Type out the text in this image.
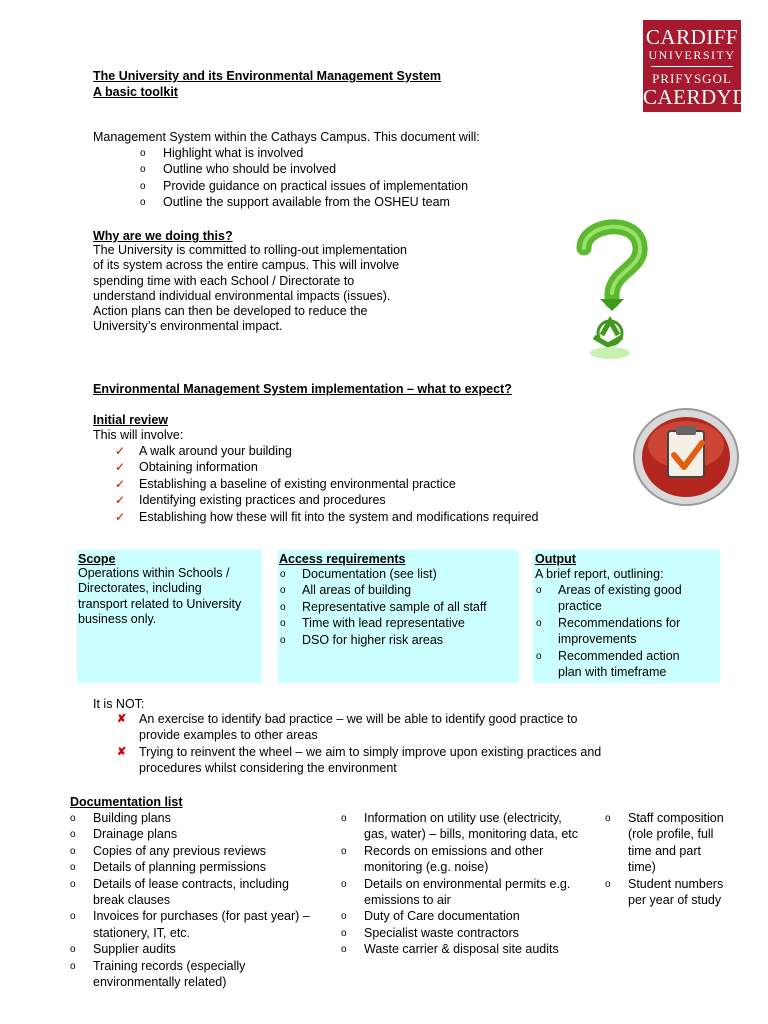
CARDIFF
UNIVERSITY
PRIFYSGOL
CAERDYDD
The University and its Environmental Management System
A basic toolkit
Management System within the Cathays Campus. This document will:
o Highlight what is involved
o Outline who should be involved
o Provide guidance on practical issues of implementation
o Outline the support available from the OSHEU team
Why are we doing this?
The University is committed to rolling-out implementation
of its system across the entire campus. This will involve
spending time with each School / Directorate to
understand individual environmental impacts (issues).
Action plans can then be developed to reduce the
University’s environmental impact.
Environmental Management System implementation – what to expect?
Initial review
This will involve:
✓ A walk around your building
✓ Obtaining information
✓ Establishing a baseline of existing environmental practice
✓ Identifying existing practices and procedures
✓ Establishing how these will fit into the system and modifications required
Scope
Operations within Schools /
Directorates, including
transport related to University
business only.
Access requirements
o Documentation (see list)
o All areas of building
o Representative sample of all staff
o Time with lead representative
o DSO for higher risk areas
Output
A brief report, outlining:
o Areas of existing good
practice
o Recommendations for
improvements
o Recommended action
plan with timeframe
It is NOT:
✘ An exercise to identify bad practice – we will be able to identify good practice to
provide examples to other areas
✘ Trying to reinvent the wheel – we aim to simply improve upon existing practices and
procedures whilst considering the environment
Documentation list
o Building plans
o Drainage plans
o Copies of any previous reviews
o Details of planning permissions
o Details of lease contracts, including
break clauses
o Invoices for purchases (for past year) –
stationery, IT, etc.
o Supplier audits
o Training records (especially
environmentally related)
o Information on utility use (electricity,
gas, water) – bills, monitoring data, etc
o Records on emissions and other
monitoring (e.g. noise)
o Details on environmental permits e.g.
emissions to air
o Duty of Care documentation
o Specialist waste contractors
o Waste carrier & disposal site audits
o Staff composition
(role profile, full
time and part
time)
o Student numbers
per year of study
